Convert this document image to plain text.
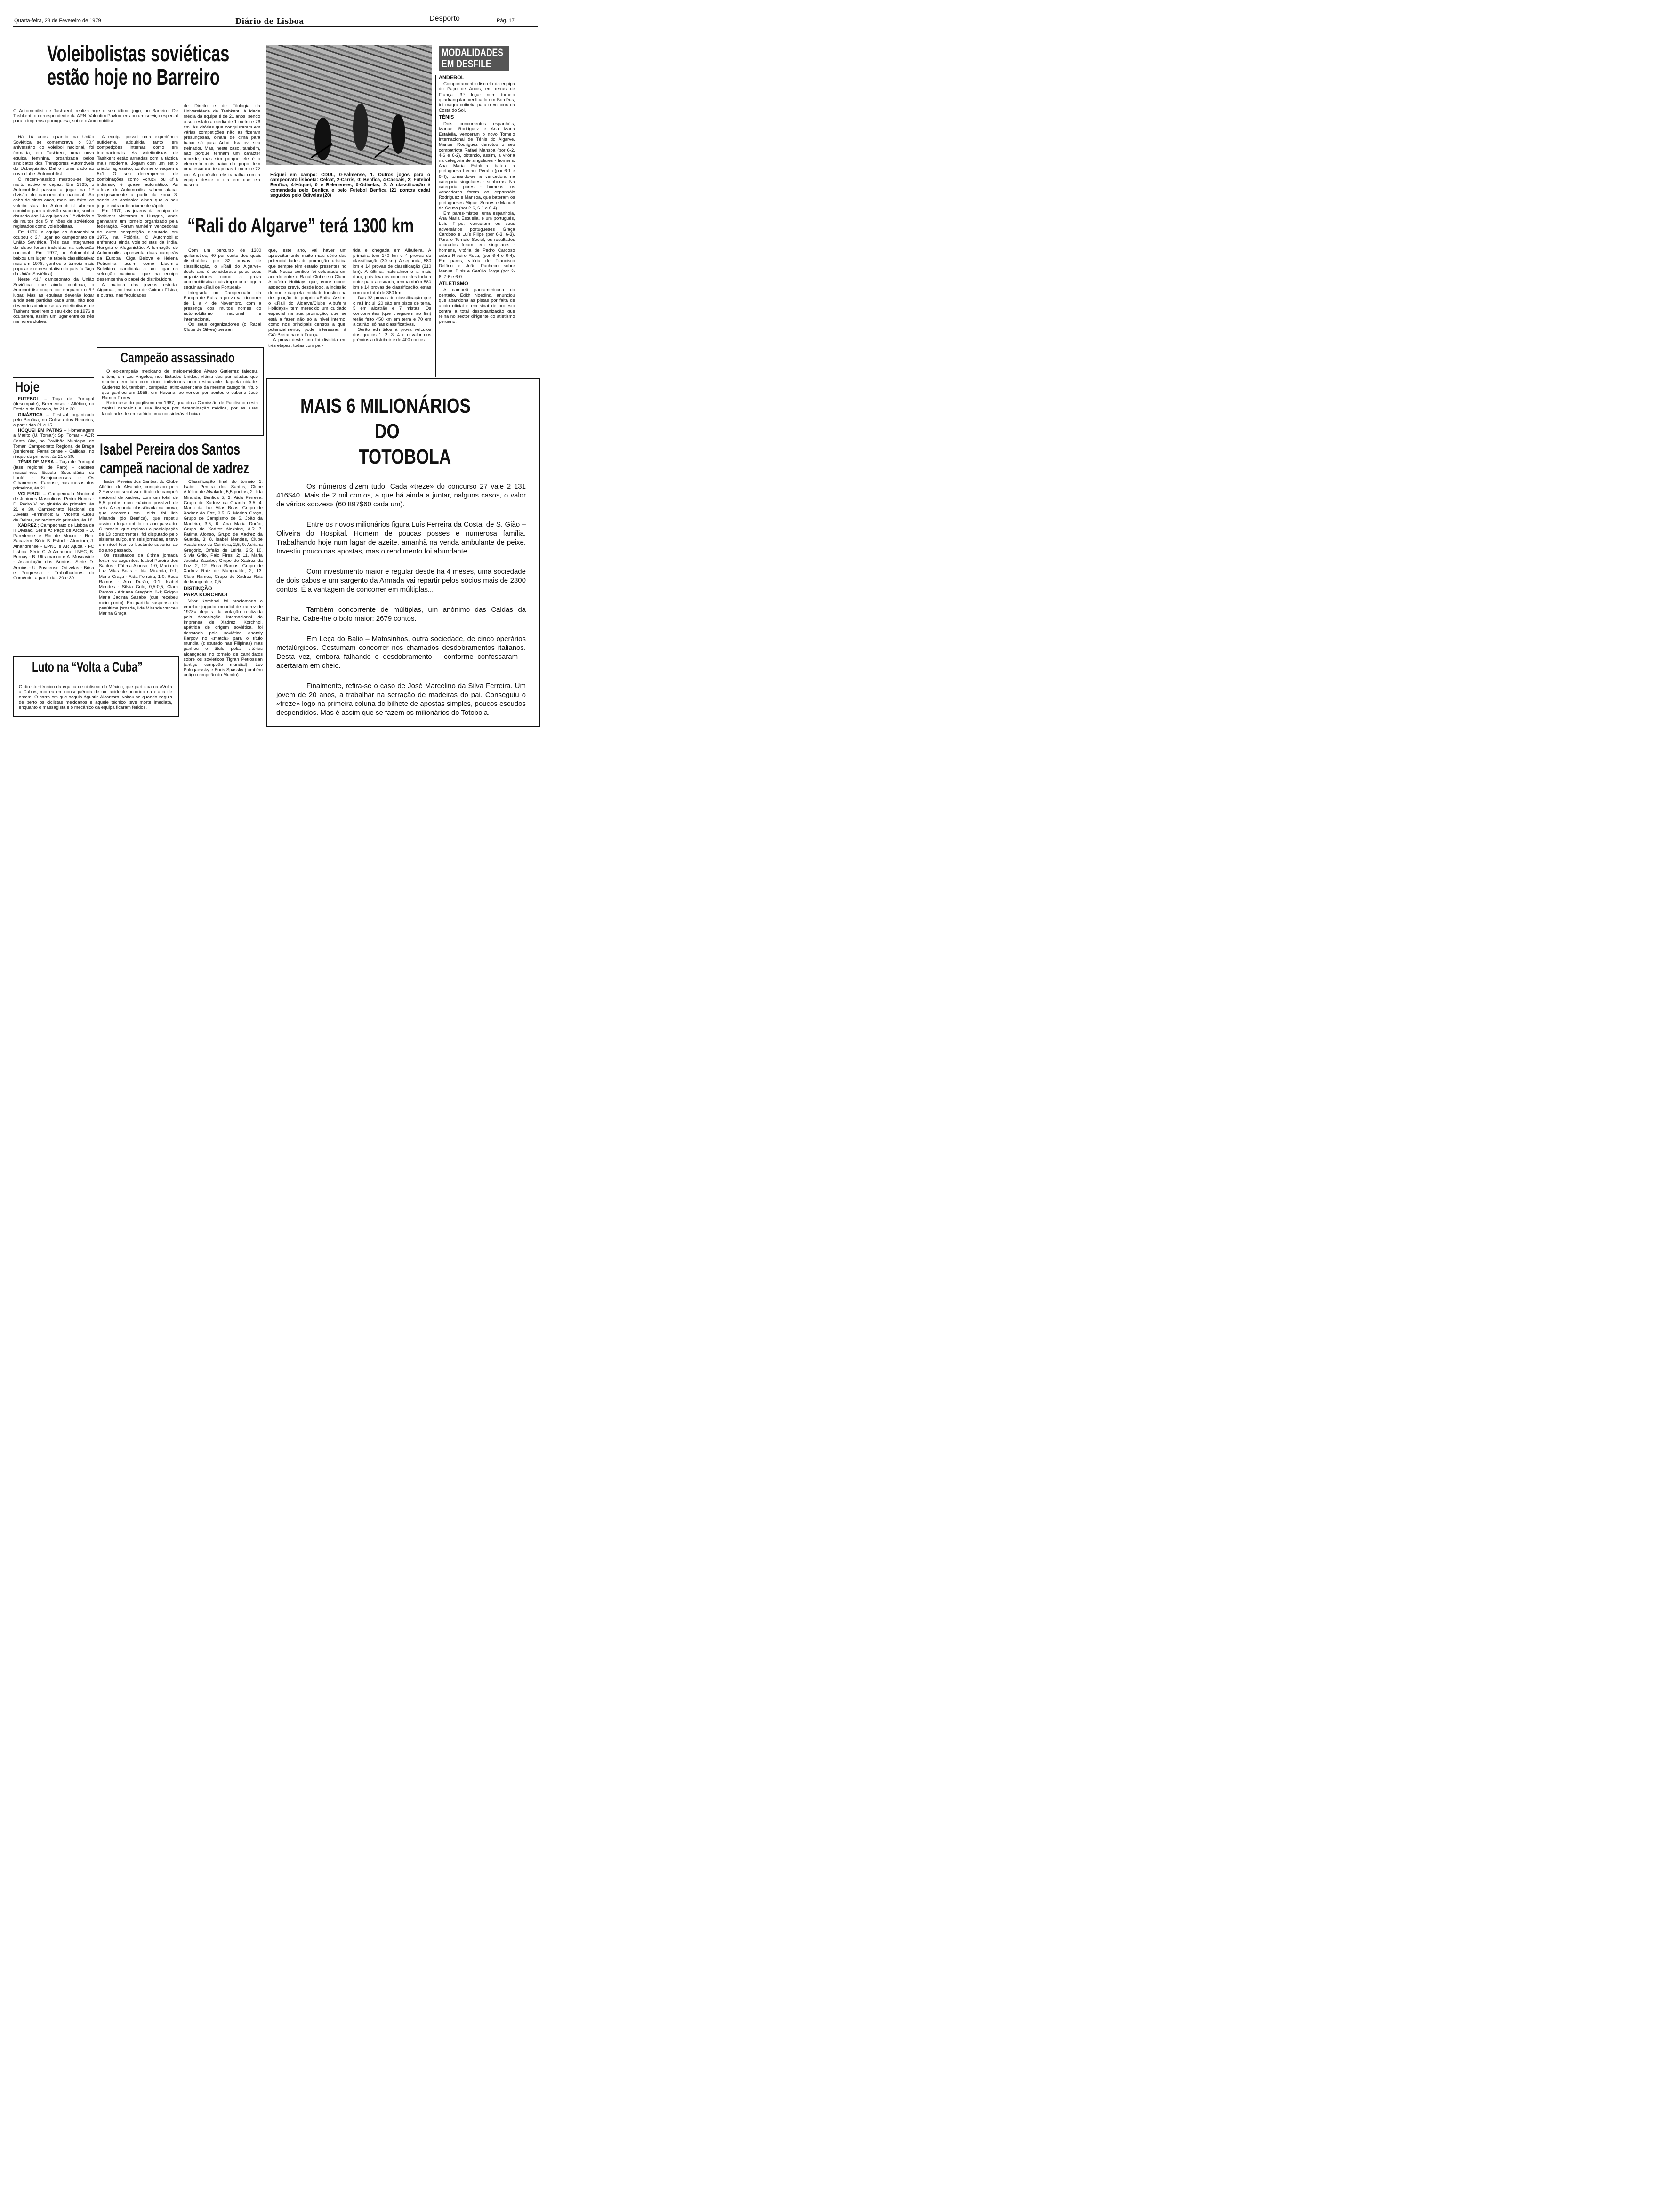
Quarta-feira, 28 de Fevereiro de 1979	Diário de Lisboa	Desporto	Pág. 17
Voleibolistas soviéticas
estão hoje no Barreiro

O Automobilist de Tashkent, realiza hoje o seu último jogo, no Barreiro. De Tashkent, o correspondente da APN, Valentim Pavlov, enviou um serviço especial para a imprensa portuguesa, sobre o Automobilist.

Há 16 anos, quando na União Soviética se comemorava o 50.º aniversário do voleibol nacional, foi formada, em Tashkent, uma nova equipa feminina, organizada pelos sindicatos dos Transportes Automóveis do Uzbequistão. Daí o nome dado ao novo clube: Automobilist.

O recem-nascido mostrou-se logo muito activo e capaz. Em 1965, o Automobilist passou a jogar na 1.ª divisão do campeonato nacional. Ao cabo de cinco anos, mais um êxito: as voleibolistas do Automobilist abriram caminho para a divisão superior, sonho dourado das 14 equipas da 1.ª divisão e de muitos dos 5 milhões de soviéticos registados como voleibolistas.

Em 1976, a equipa do Automobilist ocupou o 3.º lugar no campeonato da União Soviética. Três das integrantes do clube foram incluídas na selecção nacional. Em 1977, o Automobilist baixou um lugar na tabela classificativa: mas em 1978, ganhou o torneio mais popular e representativo do país (a Taça da União Soviética).

Neste 41.º campeonato da União Soviética, que ainda continua, o Automobilist ocupa por enquanto o 5.º lugar. Mas as equipas deverão jogar ainda sete partidas cada uma, não nos devendo admirar se as voleibolistas de Tashent repetirem o seu êxito de 1976 e ocuparem, assim, um lugar entre os três melhores clubes.

A equipa possui uma experiência suficiente, adquirida tanto em competições internas como em internacionais. As voleibolistas de Tashkent estão armadas com a táctica mais moderna. Jogam com um estilo criador agressivo, conforme o esquema 5x1. O seu desempenho, de combinações como «cruz» ou «fila indiana», é quase automático. As atletas do Automobilist sabem atacar perigosamente a partir da zona 3. sendo de assinalar ainda que o seu jogo é extraordinariamente rápido.

Em 1970, as jovens da equipa de Tashkent visitaram a Hungria, onde ganharam um torneio organizado pela federação. Foram também vencedoras de outra competição disputada em 1976, na Polónia. O Automobilist enfrentou ainda voleibolistas da Índia, Hungria e Afeganistão. A formação do Automobilist apresenta duas campeãs da Europa: Olga Belova e Helena Petrunina, assim como Liudmila Suleikina, candidata a um lugar na selecção nacional, que na equipa desempenha o papel de distribuidora.

A maioria das jovens estuda. Algumas, no Instituto de Cultura Física, e outras, nas faculdades

de Direito e de Filologia da Universidade de Tashkent. A idade média da equipa é de 21 anos, sendo a sua estatura média de 1 metro e 76 cm. As vitórias que conquistaram em várias competições não as fizeram presunçosas, olham de cima para baixo só para Adadi Israilov, seu treinador. Mas, neste caso, também, não porque tenham um caracter rebelde, mas sim porque ele é o elemento mais baixo do grupo: tem uma estatura de apenas 1 metro e 72 cm. A propósito, ele trabalha com a equipa desde o dia em que ela nasceu.

Hóquei em campo: CDUL, 0-Palmense, 1. Outros jogos para o campeonato lisboeta: Celcat, 2-Carris, 0; Benfica, 4-Cascais, 2; Futebol Benfica, 4-Hóquei, 0 e Belenenses, 0-Odivelas, 2. A classificação é comandada pelo Benfica e pelo Futebol Benfica (21 pontos cada) seguidos pelo Odivelas (20)

MODALIDADES
EM DESFILE
ANDEBOL

Comportamento discreto da equipa do Paço de Arcos, em terras de França: 3.º lugar num torneio quadrangular, verificado em Bordéus, foi magra colheita para o «cinco» da Costa do Sol.

TÉNIS

Dois concorrentes espanhóis, Manuel Rodriguez e Ana Maria Estalella, venceram o novo Torneio Internacional de Ténis do Algarve. Manuel Rodriguez derrotou o seu compatriota Rafael Mansoa (por 6-2, 4-6 e 6-2), obtendo, assim, a vitória na categoria de singulares - homens. Ana Maria Estalella bateu a portuguesa Leonor Peralta (por 6-1 e 6-4), tornando-se a vencedora na categoria singulares - senhoras. Na categoria pares - homens, os vencedores foram os espanhóis Rodriguez e Mansoa, que bateram os portugueses Miguel Soares e Manuel de Sousa (por 2-6, 6-1 e 6-4).

Em pares-mistos, uma espanhola, Ana Maria Estalella, e um português, Luís Filipe, venceram os seus adversários portugueses Graça Cardoso e Luís Filipe (por 6-3, 6-3). Para o Torneio Social, os resultados apurados foram, em singulares - homens, vitória de Pedro Cardoso sobre Ribeiro Rosa, (por 6-4 e 6-4). Em pares, vitória de Francisco Delfino e João Pacheco sobre Manuel Dinis e Getúlio Jorge (por 2-6, 7-6 e 6-0.

ATLETISMO

A campeã pan-americana do pentatlo, Edith Noeding, anunciou que abandona as pistas por falta de apoio oficial e em sinal de protesto contra a total desorganização que reina no sector dirigente do atletismo peruano.

“Rali do Algarve” terá 1300 km

Com um percurso de 1300 quilómetros, 40 por cento dos quais distribuídos por 32 provas de classificação, o «Rali do Algarve» deste ano é considerado pelos seus organizadores como a prova automobilística mais importante logo a seguir ao «Rali de Portugal».

Integrada no Campeonato da Europa de Ralis, a prova vai decorrer de 1 a 4 de Novembro, com a presença dos muitos nomes do automobilismo nacional e internacional.

Os seus organizadores (o Racal Clube de Silves) pensam

que, este ano, vai haver um aproveitamento muito mais sério das potencialidades de promoção turística que sempre têm estado presentes no Rali. Nesse sentido foi celebrado um acordo entre o Racal Clube e o Clube Albufeira Holidays que, entre outros aspectos prevê, desde logo, a inclusão do nome daquela entidade turística na designação do próprio «Rali». Assim, o «Rali do Algarve/Clube Albufeira Holidays» tem merecido um cuidado especial na sua promoção, que se está a fazer não só a nível interno, como nos principais centros a que, potencialmente, pode interessar: à Grã-Bretanha e à França.

A prova deste ano foi dividida em três etapas, todas com par-

tida e chegada em Albufeira. A primeira tem 140 km e 4 provas de classificação (30 km). A segunda, 580 km e 14 provas de classificação (210 km). A última, naturalmente a mais dura, pois leva os concorrentes toda a noite para a estrada, tem também 580 km e 14 provas de classificação, estas com um total de 380 km.

Das 32 provas de classificação que o rali inclui, 20 são em pisos de terra, 5 em alcatrão e 7 mistas. Os concorrentes (que chegarem ao fim) terão feito 450 km em terra e 70 em alcatrão, só nas classificativas.

Serão admitidos à prova veículos dos grupos 1, 2, 3, 4 e o valor dos prémios a distribuir é de 400 contos.

Hoje

FUTEBOL – Taça de Portugal (desempate); Belenenses - Atlético, no Estádio do Restelo, às 21 e 30.

GINÁSTICA – Festival organizado pelo Benfica, no Coliseu dos Recreios, a partir das 21 e 15.

HÓQUEI EM PATINS – Homenagem a Marito (U. Tomar): Sp. Tomar - ACR Santa Cita, no Pavilhão Municipal de Tomar. Campeonato Regional de Braga (seniores): Famalicense - Callidas, no rinque do primeiro, às 21 e 30.

TÉNIS DE MESA – Taça de Portugal (fase regional de Faro) – cadetes masculinos: Escola Secundária de Loulé - Bomjoanenses e Os Olhanenses -Farense, nas mesas dos primeiros, às 21.

VOLEIBOL – Campeonato Nacional de Juniores Masculinos: Pedro Nunes - D. Pedro V, no ginásio do primeiro, às 21 e 30. Campeonato Nacional de Juvenis Femininos: Gil Vicente -Liceu de Oeiras, no recinto do primeiro, às 18.

XADREZ ; Campeonato de Lisboa da II Divisão. Série A: Paço de Arcos - U. Paredense e Rio de Mouro - Rec. Sacavém. Série B: Estoril - Atomium, J. Alhandrense - EPNC e AR Ajuda - FC Lisboa. Série C: A Amadora- LNEC, B. Burnay - B. Ultramarino e A. Moscavide - Associação dos Surdos. Série D: Arroios - U. Povoense, Odivelas - Brisa e Progresso - Trabalhadores do Comércio, a partir das 20 e 30.

Campeão assassinado

O ex-campeão mexicano de meios-médios Alvaro Gutierrez faleceu, ontem, em Los Angeles, nos Estados Unidos, vítima das punhaladas que recebeu em luta com cinco indivíduos num restaurante daquela cidade. Gutierrez foi, também, campeão latino-americano da mesma categoria, título que ganhou em 1958, em Havana, ao vencer por pontos o cubano José Ramon Flores.

Retirou-se do pugilismo em 1967, quando a Comissão de Pugilismo desta capital cancelou a sua licença por determinação médica, por as suas faculdades terem sofrido uma considerável baixa.

Isabel Pereira dos Santos
campeã nacional de xadrez

Isabel Pereira dos Santos, do Clube Atlético de Alvalade, conquistou pela 2.ª vez consecutiva o título de campeã nacional de xadrez, com um total de 5,5 pontos num máximo possível de seis. A segunda classificada na prova, que decorreu em Leiria, foi Ilda Miranda (do Benfica), que repetiu assim o lugar obtido no ano passado. O torneio, que registou a participação de 13 concorrentes, foi disputado pelo sistema suíço, em seis jornadas, e teve um nível técnico bastante superior ao do ano passado.

Os resultados da última jornada foram os seguintes: Isabel Pereira dos Santos - Fátima Afonso, 1-0; Maria da Luz Vilas Boas - Ilda Miranda, 0-1; Maria Graça - Aida Ferreira, 1-0; Rosa Ramos - Ana Durão, 0-1; Isabel Mendes - Sílvia Grilo, 0,5-0,5; Clara Ramos - Adriana Gregório, 0-1; Folgou Maria Jacinta Sazabo (que recebeu meio ponto). Em partida suspensa da penúltima jornada, Ilda Miranda venceu Marina Graça.

Classificação final do torneio 1. Isabel Pereira dos Santos, Clube Atlético de Alvalade, 5,5 pontos; 2. Ilda Miranda, Benfica 5; 3. Aida Ferreira, Grupo de Xadrez da Guarda, 3,5; 4. Maria da Luz Vilas Boas, Grupo de Xadrez da Foz, 3,5; 5. Marina Graça, Grupo de Campismo de S. João da Madeira, 3,5; 6. Ana Maria Durão, Grupo de Xadrez Alekhine, 3,5; 7. Fatima Afonso, Grupo de Xadrez da Guarda, 3; 8. Isabel Mendes, Clube Académico de Coimbra, 2,5; 9. Adriana Gregório, Orfeão de Leiria, 2,5; 10. Silvia Grilo, Paio Pires, 2; 11. Maria Jacinta Sazabo, Grupo de Xadrez da Foz, 2; 12. Rosa Ramos, Grupo de Xadrez Raiz de Mangualde, 2; 13. Clara Ramos, Grupo de Xadrez Raiz de Mangualde, 0,5.

DISTINÇÃO
PARA KORCHNOI

Vitor Korchnoi foi proclamado o «melhor jogador mundial de xadrez de 1978» depois da votação realizada pela Associação Internacional da Imprensa de Xadrez. Korchnoi, apátrida de origem soviética, foi derrotado pelo soviético Anatoly Karpov no «match» para o título mundial (disputado nas Filipinas) mas ganhou o título pelas vitórias alcançadas no torneio de candidatos sobre os soviéticos Tigran Petrossian (antigo campeão mundial), Lev Polugaevsky e Boris Spassky (também antigo campeão do Mundo).

Luto na “Volta a Cuba”

O director-técnico da equipa de ciclismo do México, que participa na «Volta a Cuba», morreu em consequência de um acidente ocorrido na etapa de ontem. O carro em que seguia Agustin Alcantara, voltou-se quando seguia de perto os ciclistas mexicanos e aquele técnico teve morte imediata, enquanto o massagista e o mecânico da equipa ficaram feridos.

MAIS 6 MILIONÁRIOS
DO
TOTOBOLA

Os números dizem tudo: Cada «treze» do concurso 27 vale 2 131 416$40. Mais de 2 mil contos, a que há ainda a juntar, nalguns casos, o valor de vários «dozes» (60 897$60 cada um).

Entre os novos milionários figura Luís Ferreira da Costa, de S. Gião – Oliveira do Hospital. Homem de poucas posses e numerosa família. Trabalhando hoje num lagar de azeite, amanhã na venda ambulante de peixe. Investiu pouco nas apostas, mas o rendimento foi abundante.

Com investimento maior e regular desde há 4 meses, uma sociedade de dois cabos e um sargento da Armada vai repartir pelos sócios mais de 2300 contos. É a vantagem de concorrer em múltiplas...

Também concorrente de múltiplas, um anónimo das Caldas da Rainha. Cabe-lhe o bolo maior: 2679 contos.

Em Leça do Balio – Matosinhos, outra sociedade, de cinco operários metalúrgicos. Costumam concorrer nos chamados desdobramentos italianos. Desta vez, embora falhando o desdobramento – conforme confessaram – acertaram em cheio.

Finalmente, refira-se o caso de José Marcelino da Silva Ferreira. Um jovem de 20 anos, a trabalhar na serração de madeiras do pai. Conseguiu o «treze» logo na primeira coluna do bilhete de apostas simples, poucos escudos despendidos. Mas é assim que se fazem os milionários do Totobola.
